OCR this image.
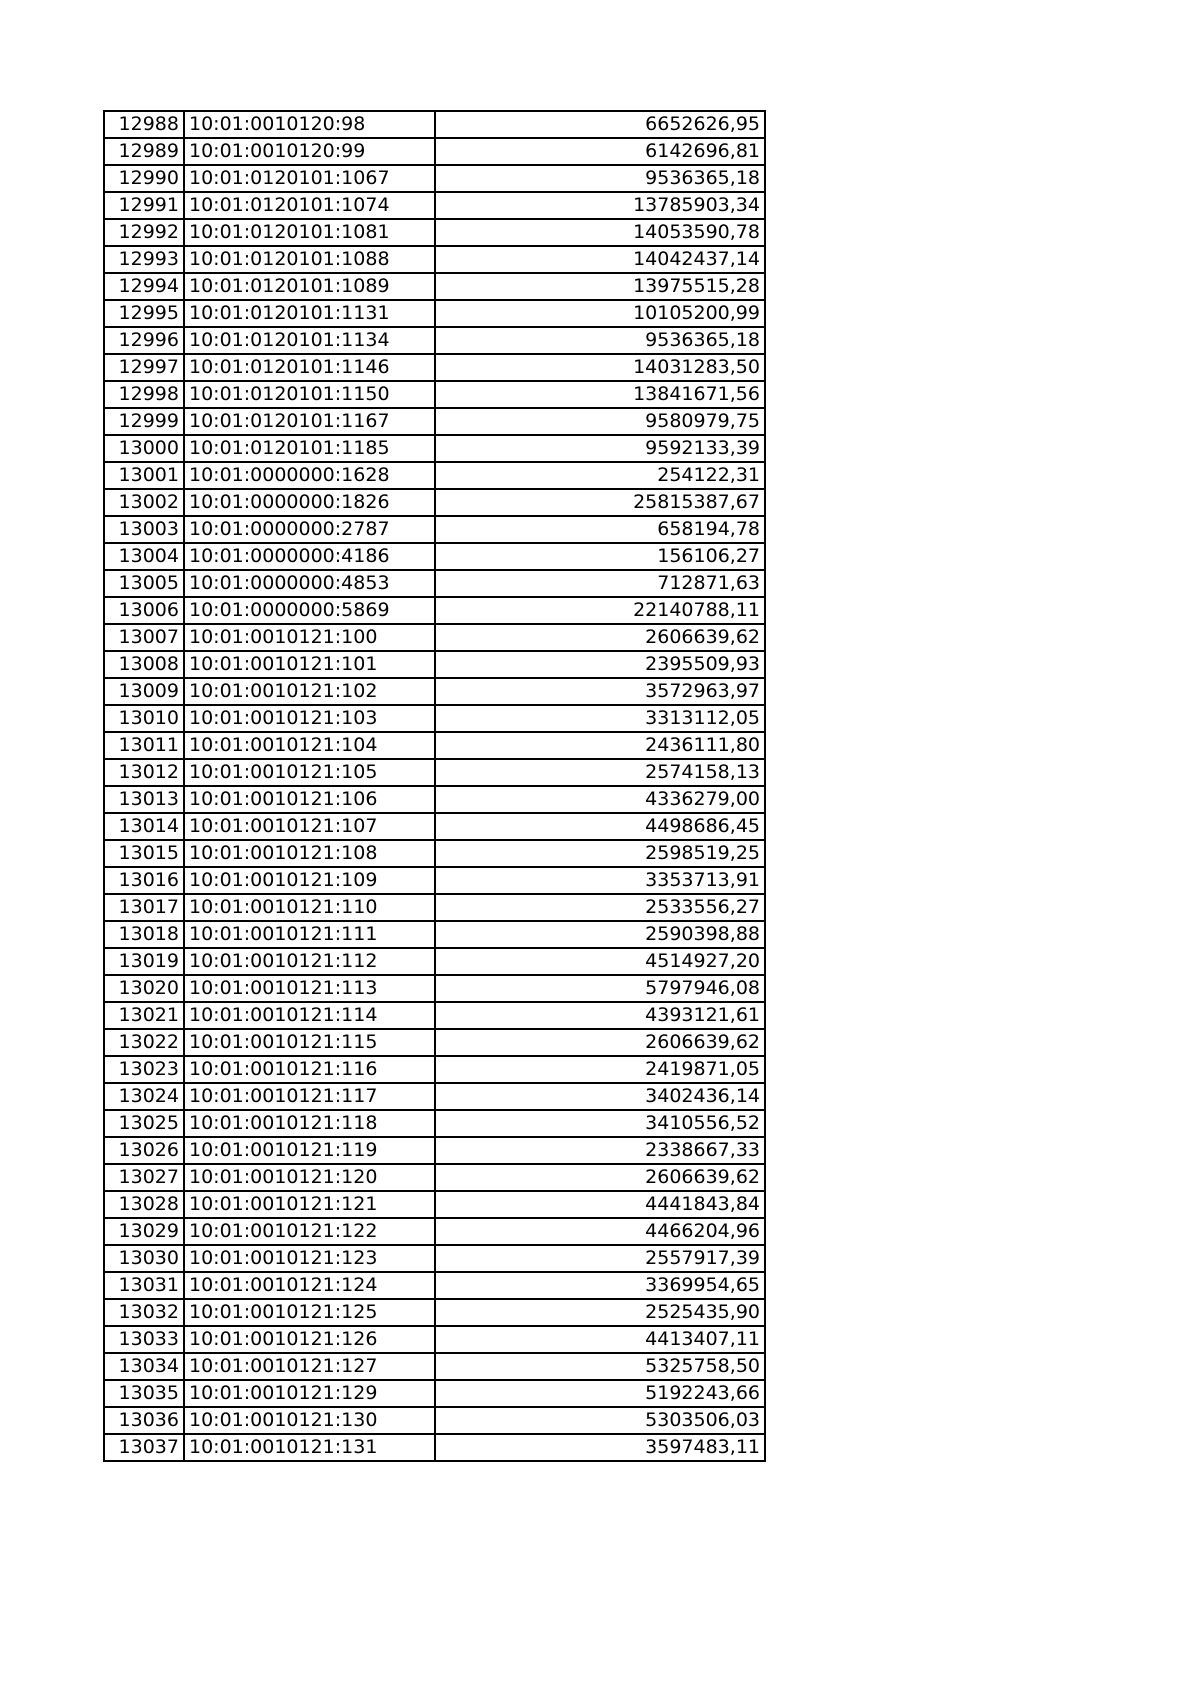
12988	10:01:0010120:98	6652626,95
12989	10:01:0010120:99	6142696,81
12990	10:01:0120101:1067	9536365,18
12991	10:01:0120101:1074	13785903,34
12992	10:01:0120101:1081	14053590,78
12993	10:01:0120101:1088	14042437,14
12994	10:01:0120101:1089	13975515,28
12995	10:01:0120101:1131	10105200,99
12996	10:01:0120101:1134	9536365,18
12997	10:01:0120101:1146	14031283,50
12998	10:01:0120101:1150	13841671,56
12999	10:01:0120101:1167	9580979,75
13000	10:01:0120101:1185	9592133,39
13001	10:01:0000000:1628	254122,31
13002	10:01:0000000:1826	25815387,67
13003	10:01:0000000:2787	658194,78
13004	10:01:0000000:4186	156106,27
13005	10:01:0000000:4853	712871,63
13006	10:01:0000000:5869	22140788,11
13007	10:01:0010121:100	2606639,62
13008	10:01:0010121:101	2395509,93
13009	10:01:0010121:102	3572963,97
13010	10:01:0010121:103	3313112,05
13011	10:01:0010121:104	2436111,80
13012	10:01:0010121:105	2574158,13
13013	10:01:0010121:106	4336279,00
13014	10:01:0010121:107	4498686,45
13015	10:01:0010121:108	2598519,25
13016	10:01:0010121:109	3353713,91
13017	10:01:0010121:110	2533556,27
13018	10:01:0010121:111	2590398,88
13019	10:01:0010121:112	4514927,20
13020	10:01:0010121:113	5797946,08
13021	10:01:0010121:114	4393121,61
13022	10:01:0010121:115	2606639,62
13023	10:01:0010121:116	2419871,05
13024	10:01:0010121:117	3402436,14
13025	10:01:0010121:118	3410556,52
13026	10:01:0010121:119	2338667,33
13027	10:01:0010121:120	2606639,62
13028	10:01:0010121:121	4441843,84
13029	10:01:0010121:122	4466204,96
13030	10:01:0010121:123	2557917,39
13031	10:01:0010121:124	3369954,65
13032	10:01:0010121:125	2525435,90
13033	10:01:0010121:126	4413407,11
13034	10:01:0010121:127	5325758,50
13035	10:01:0010121:129	5192243,66
13036	10:01:0010121:130	5303506,03
13037	10:01:0010121:131	3597483,11
